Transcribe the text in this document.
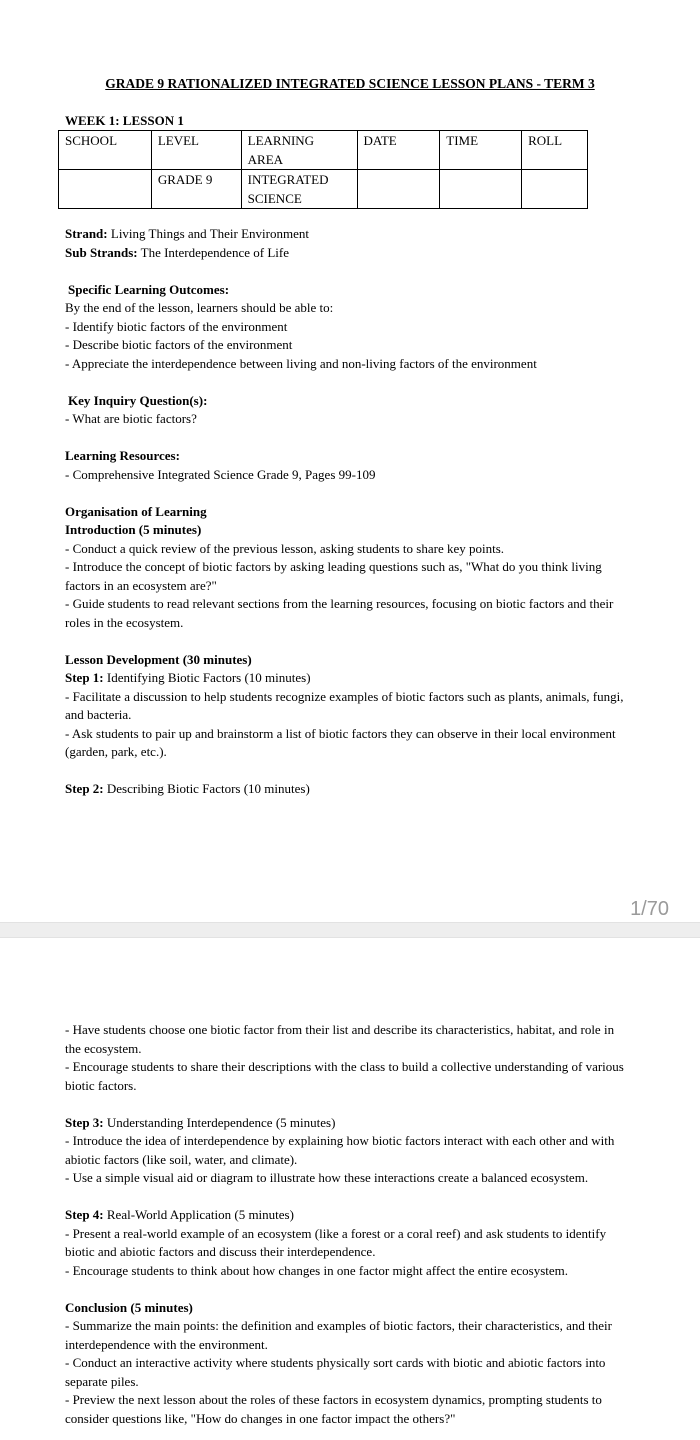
GRADE 9 RATIONALIZED INTEGRATED SCIENCE LESSON PLANS - TERM 3
WEEK 1: LESSON 1
SCHOOL	LEVEL	LEARNING AREA	DATE	TIME	ROLL
	GRADE 9	INTEGRATED SCIENCE			

Strand: Living Things and Their Environment

Sub Strands: The Interdependence of Life

Specific Learning Outcomes:

By the end of the lesson, learners should be able to:

- Identify biotic factors of the environment

- Describe biotic factors of the environment

- Appreciate the interdependence between living and non-living factors of the environment

Key Inquiry Question(s):

- What are biotic factors?

Learning Resources:

- Comprehensive Integrated Science Grade 9, Pages 99-109

Organisation of Learning

Introduction (5 minutes)

- Conduct a quick review of the previous lesson, asking students to share key points.

- Introduce the concept of biotic factors by asking leading questions such as, "What do you think living factors in an ecosystem are?"

- Guide students to read relevant sections from the learning resources, focusing on biotic factors and their roles in the ecosystem.

Lesson Development (30 minutes)

Step 1: Identifying Biotic Factors (10 minutes)

- Facilitate a discussion to help students recognize examples of biotic factors such as plants, animals, fungi, and bacteria.

- Ask students to pair up and brainstorm a list of biotic factors they can observe in their local environment (garden, park, etc.).

Step 2: Describing Biotic Factors (10 minutes)

1/70

- Have students choose one biotic factor from their list and describe its characteristics, habitat, and role in the ecosystem.

- Encourage students to share their descriptions with the class to build a collective understanding of various biotic factors.

Step 3: Understanding Interdependence (5 minutes)

- Introduce the idea of interdependence by explaining how biotic factors interact with each other and with abiotic factors (like soil, water, and climate).

- Use a simple visual aid or diagram to illustrate how these interactions create a balanced ecosystem.

Step 4: Real-World Application (5 minutes)

- Present a real-world example of an ecosystem (like a forest or a coral reef) and ask students to identify biotic and abiotic factors and discuss their interdependence.

- Encourage students to think about how changes in one factor might affect the entire ecosystem.

Conclusion (5 minutes)

- Summarize the main points: the definition and examples of biotic factors, their characteristics, and their interdependence with the environment.

- Conduct an interactive activity where students physically sort cards with biotic and abiotic factors into separate piles.

- Preview the next lesson about the roles of these factors in ecosystem dynamics, prompting students to consider questions like, "How do changes in one factor impact the others?"
